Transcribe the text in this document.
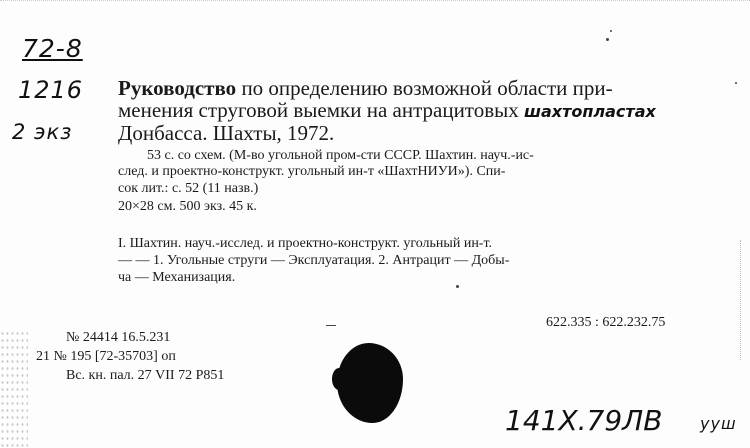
72-8
1216
2 экз
Руководство по определению возможной области при-
менения струговой выемки на антрацитовых шахтопластах
Донбасса. Шахты, 1972.
53 с. со схем. (М-во угольной пром-сти СССР. Шахтин. науч.-ис-
след. и проектно-конструкт. угольный ин-т «ШахтНИУИ»). Спи-
сок лит.: с. 52 (11 назв.)
20×28 см. 500 экз. 45 к.
I. Шахтин. науч.-исслед. и проектно-конструкт. угольный ин-т.
— — 1. Угольные струги — Эксплуатация. 2. Антрацит — Добы-
ча — Механизация.
622.335 : 622.232.75
№ 24414 16.5.231
21 № 195 [72-35703] оп
Вс. кн. пал. 27 VII 72 Р851
141Х.79ЛВ ууш
